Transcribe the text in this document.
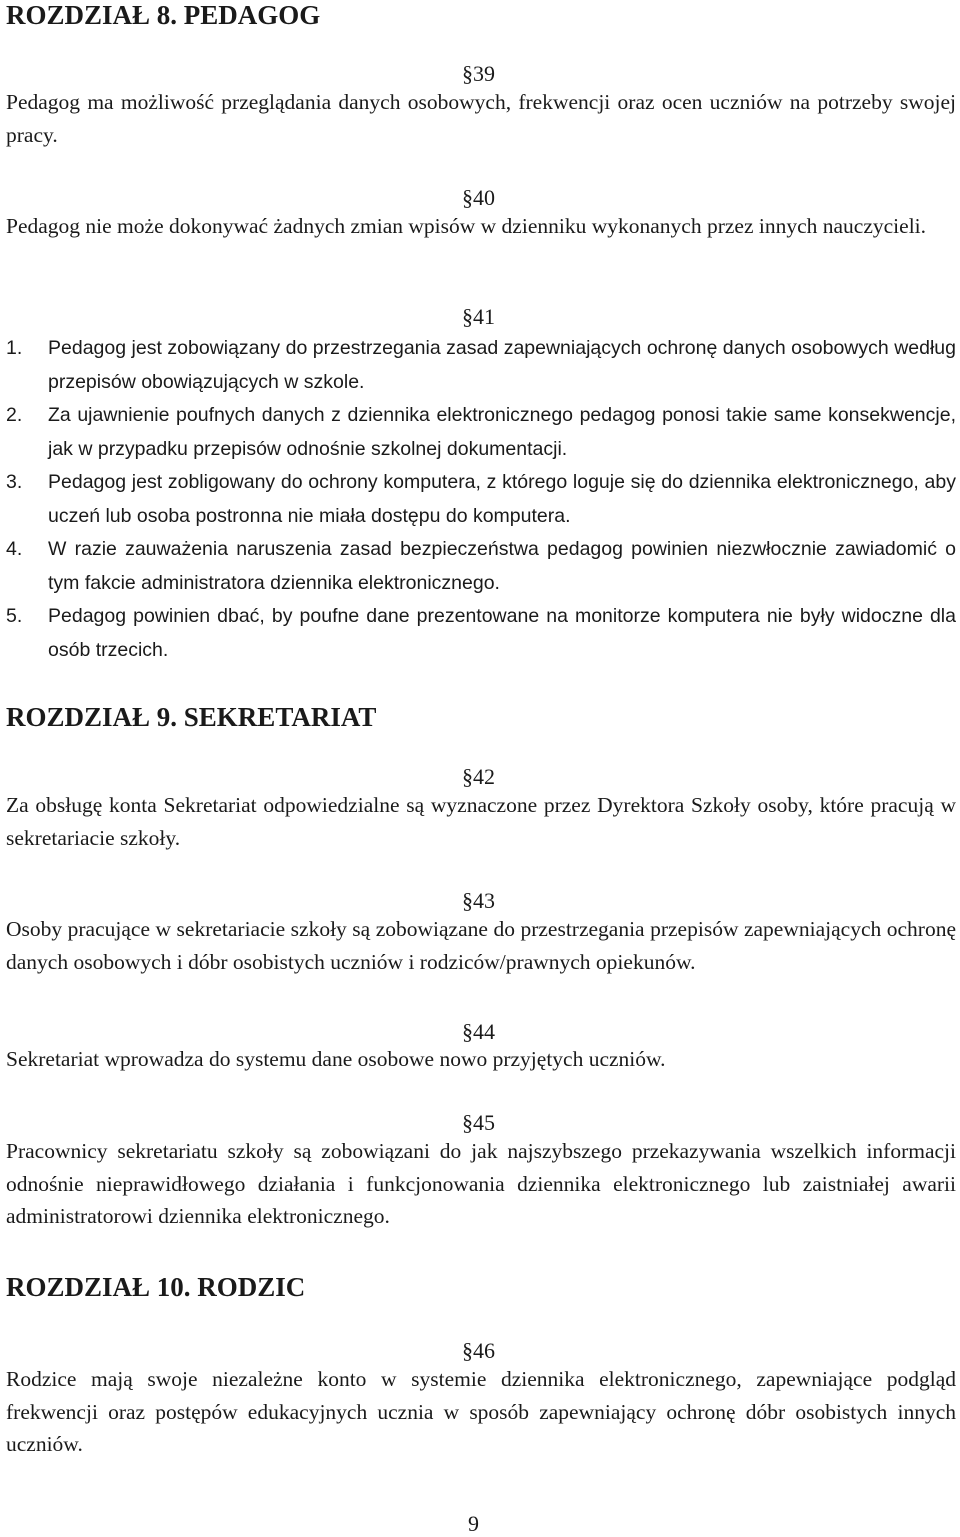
ROZDZIAŁ 8. PEDAGOG
§39

Pedagog ma możliwość przeglądania danych osobowych, frekwencji oraz ocen uczniów na potrzeby swojej pracy.

§40

Pedagog nie może dokonywać żadnych zmian wpisów w dzienniku wykonanych przez innych nauczycieli.

§41
1. Pedagog jest zobowiązany do przestrzegania zasad zapewniających ochronę danych osobowych według przepisów obowiązujących w szkole.
2. Za ujawnienie poufnych danych z dziennika elektronicznego pedagog ponosi takie same konsekwencje, jak w przypadku przepisów odnośnie szkolnej dokumentacji.
3. Pedagog jest zobligowany do ochrony komputera, z którego loguje się do dziennika elektronicznego, aby uczeń lub osoba postronna nie miała dostępu do komputera.
4. W razie zauważenia naruszenia zasad bezpieczeństwa pedagog powinien niezwłocznie zawiadomić o tym fakcie administratora dziennika elektronicznego.
5. Pedagog powinien dbać, by poufne dane prezentowane na monitorze komputera nie były widoczne dla osób trzecich.
ROZDZIAŁ 9. SEKRETARIAT
§42

Za obsługę konta Sekretariat odpowiedzialne są wyznaczone przez Dyrektora Szkoły osoby, które pracują w sekretariacie szkoły.

§43

Osoby pracujące w sekretariacie szkoły są zobowiązane do przestrzegania przepisów zapewniających ochronę danych osobowych i dóbr osobistych uczniów i rodziców/prawnych opiekunów.

§44

Sekretariat wprowadza do systemu dane osobowe nowo przyjętych uczniów.

§45

Pracownicy sekretariatu szkoły są zobowiązani do jak najszybszego przekazywania wszelkich informacji odnośnie nieprawidłowego działania i funkcjonowania dziennika elektronicznego lub zaistniałej awarii administratorowi dziennika elektronicznego.

ROZDZIAŁ 10. RODZIC
§46

Rodzice mają swoje niezależne konto w systemie dziennika elektronicznego, zapewniające podgląd frekwencji oraz postępów edukacyjnych ucznia w sposób zapewniający ochronę dóbr osobistych innych uczniów.

9
